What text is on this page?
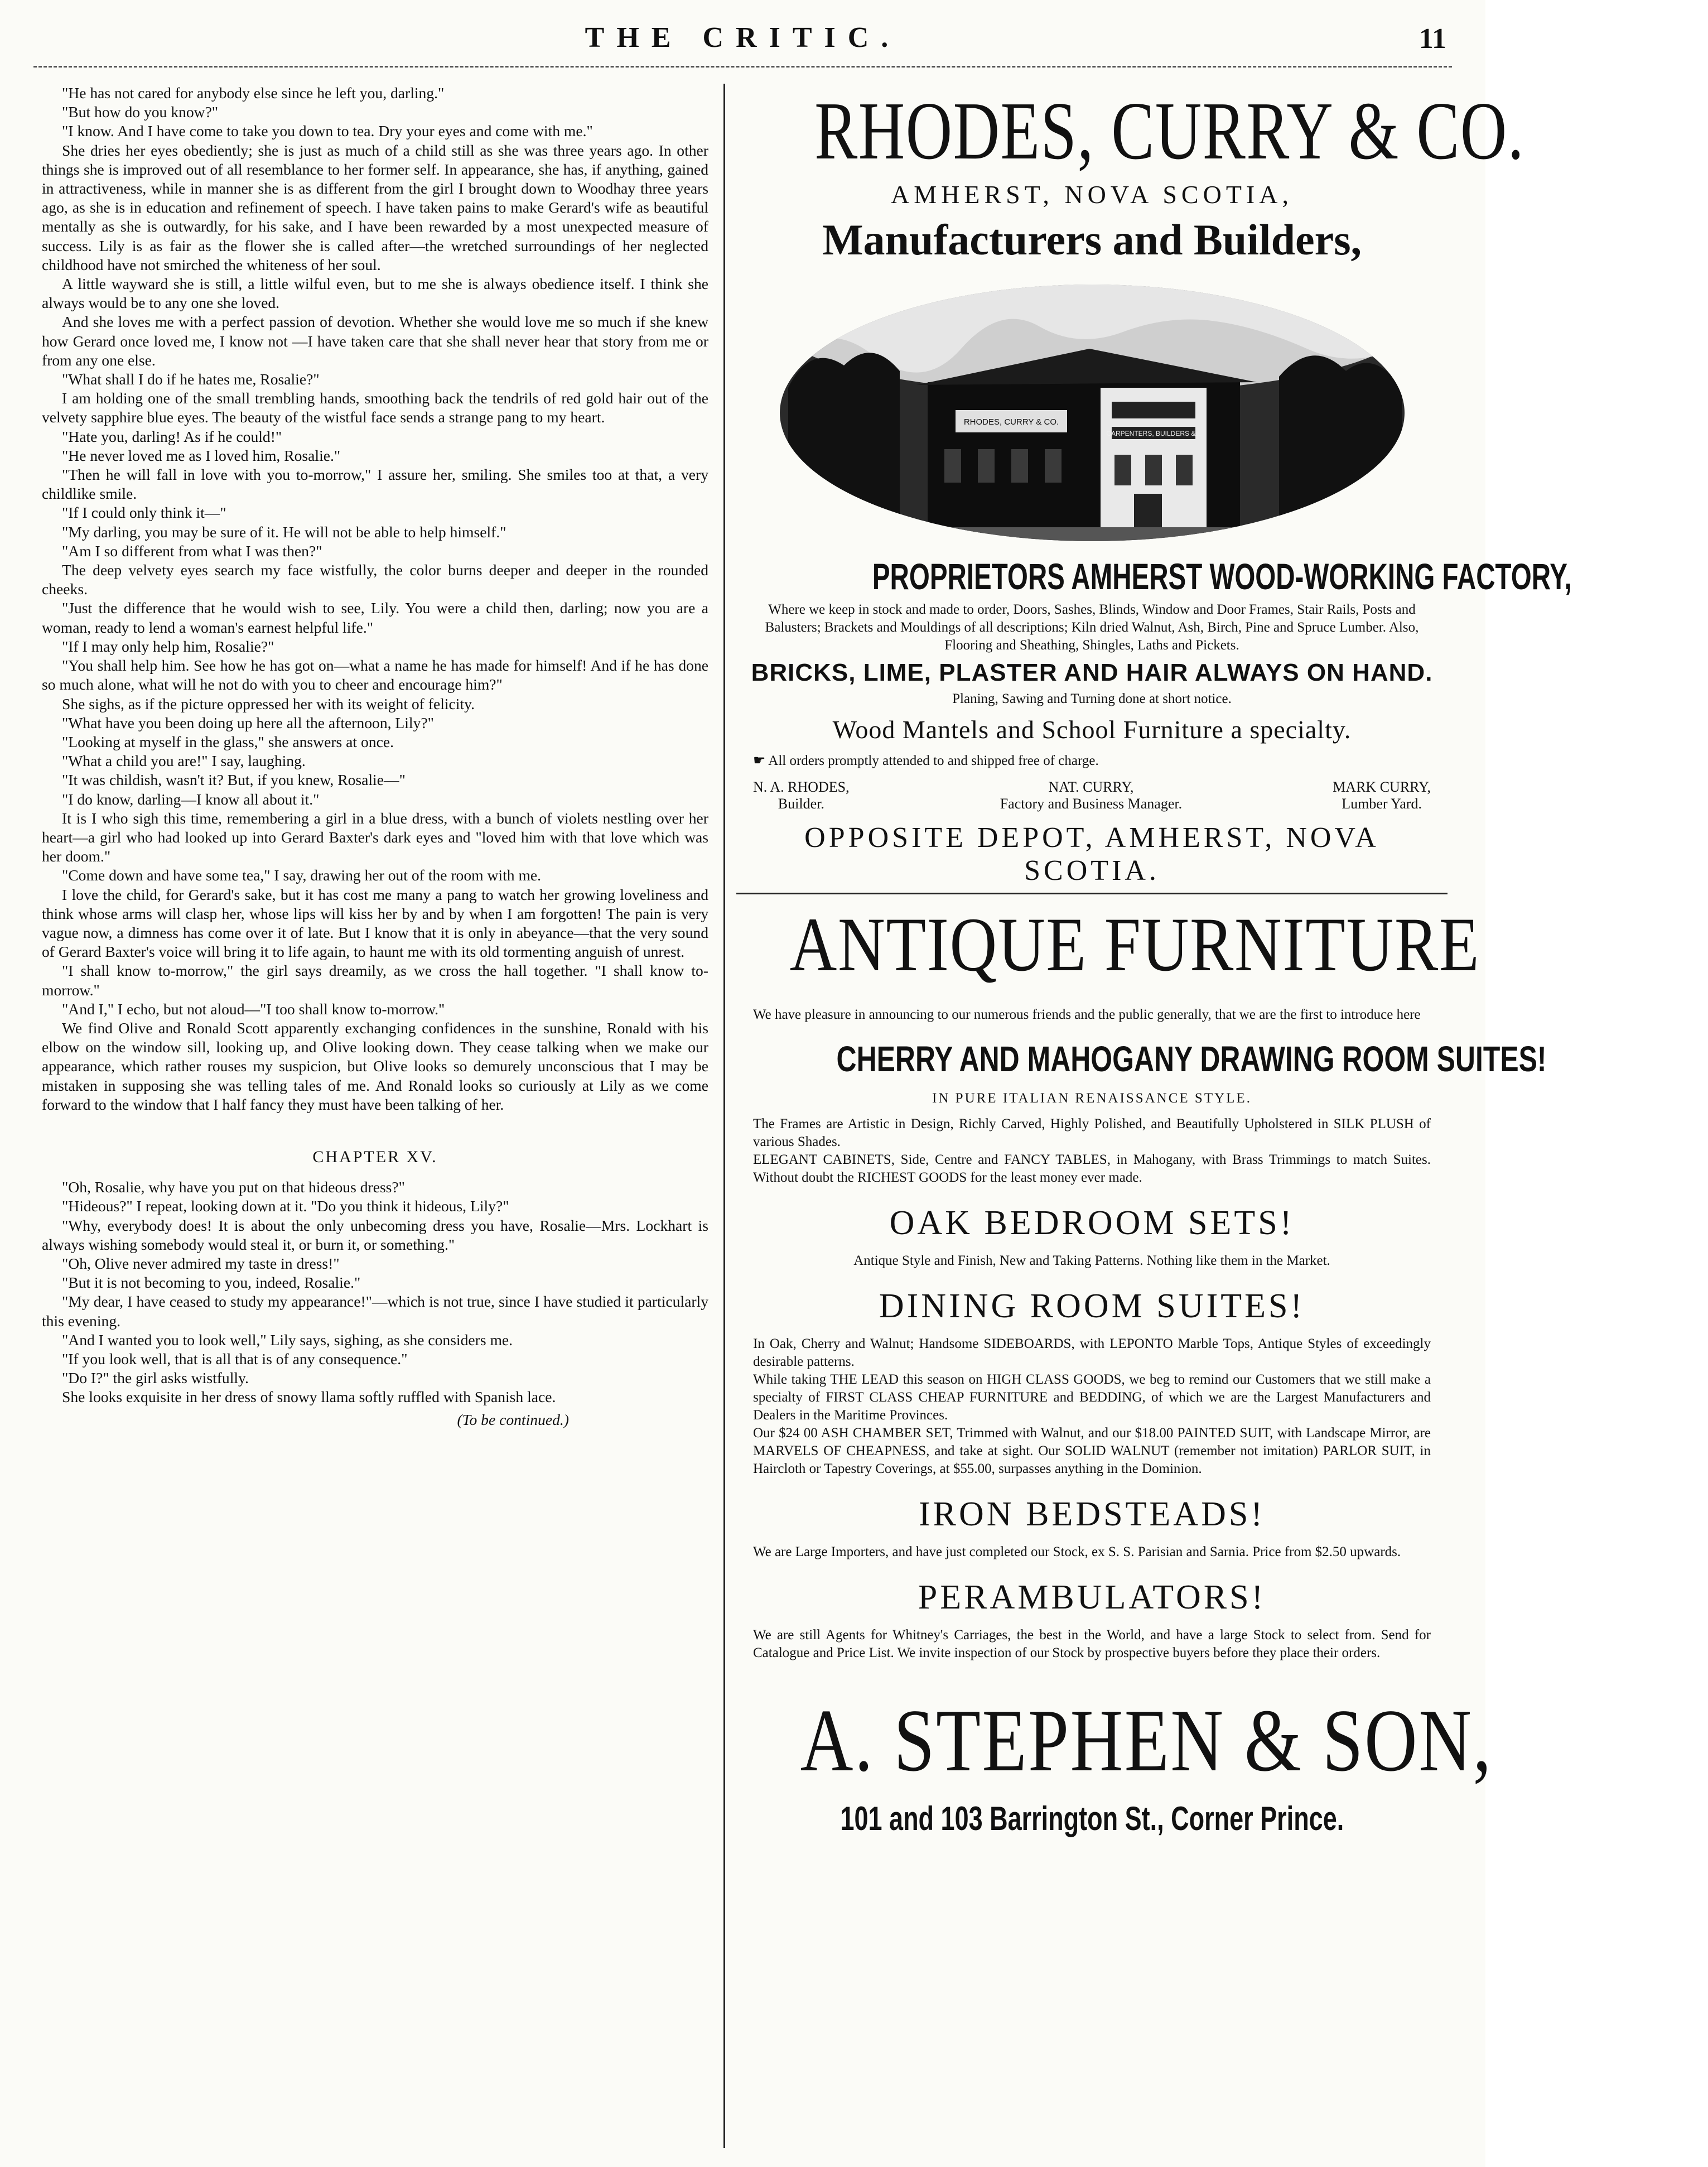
THE CRITIC.	11

"He has not cared for anybody else since he left you, darling."

"But how do you know?"

"I know. And I have come to take you down to tea. Dry your eyes and come with me."

She dries her eyes obediently; she is just as much of a child still as she was three years ago. In other things she is improved out of all resemblance to her former self. In appearance, she has, if anything, gained in attractiveness, while in manner she is as different from the girl I brought down to Woodhay three years ago, as she is in education and refinement of speech. I have taken pains to make Gerard's wife as beautiful mentally as she is outwardly, for his sake, and I have been rewarded by a most unexpected measure of success. Lily is as fair as the flower she is called after—the wretched surroundings of her neglected childhood have not smirched the whiteness of her soul.

A little wayward she is still, a little wilful even, but to me she is always obedience itself. I think she always would be to any one she loved.

And she loves me with a perfect passion of devotion. Whether she would love me so much if she knew how Gerard once loved me, I know not —I have taken care that she shall never hear that story from me or from any one else.

"What shall I do if he hates me, Rosalie?"

I am holding one of the small trembling hands, smoothing back the tendrils of red gold hair out of the velvety sapphire blue eyes. The beauty of the wistful face sends a strange pang to my heart.

"Hate you, darling! As if he could!"

"He never loved me as I loved him, Rosalie."

"Then he will fall in love with you to-morrow," I assure her, smiling. She smiles too at that, a very childlike smile.

"If I could only think it—"

"My darling, you may be sure of it. He will not be able to help himself."

"Am I so different from what I was then?"

The deep velvety eyes search my face wistfully, the color burns deeper and deeper in the rounded cheeks.

"Just the difference that he would wish to see, Lily. You were a child then, darling; now you are a woman, ready to lend a woman's earnest helpful life."

"If I may only help him, Rosalie?"

"You shall help him. See how he has got on—what a name he has made for himself! And if he has done so much alone, what will he not do with you to cheer and encourage him?"

She sighs, as if the picture oppressed her with its weight of felicity.

"What have you been doing up here all the afternoon, Lily?"

"Looking at myself in the glass," she answers at once.

"What a child you are!" I say, laughing.

"It was childish, wasn't it? But, if you knew, Rosalie—"

"I do know, darling—I know all about it."

It is I who sigh this time, remembering a girl in a blue dress, with a bunch of violets nestling over her heart—a girl who had looked up into Gerard Baxter's dark eyes and "loved him with that love which was her doom."

"Come down and have some tea," I say, drawing her out of the room with me.

I love the child, for Gerard's sake, but it has cost me many a pang to watch her growing loveliness and think whose arms will clasp her, whose lips will kiss her by and by when I am forgotten! The pain is very vague now, a dimness has come over it of late. But I know that it is only in abeyance—that the very sound of Gerard Baxter's voice will bring it to life again, to haunt me with its old tormenting anguish of unrest.

"I shall know to-morrow," the girl says dreamily, as we cross the hall together. "I shall know to-morrow."

"And I," I echo, but not aloud—"I too shall know to-morrow."

We find Olive and Ronald Scott apparently exchanging confidences in the sunshine, Ronald with his elbow on the window sill, looking up, and Olive looking down. They cease talking when we make our appearance, which rather rouses my suspicion, but Olive looks so demurely unconscious that I may be mistaken in supposing she was telling tales of me. And Ronald looks so curiously at Lily as we come forward to the window that I half fancy they must have been talking of her.

CHAPTER XV.

"Oh, Rosalie, why have you put on that hideous dress?"

"Hideous?" I repeat, looking down at it. "Do you think it hideous, Lily?"

"Why, everybody does! It is about the only unbecoming dress you have, Rosalie—Mrs. Lockhart is always wishing somebody would steal it, or burn it, or something."

"Oh, Olive never admired my taste in dress!"

"But it is not becoming to you, indeed, Rosalie."

"My dear, I have ceased to study my appearance!"—which is not true, since I have studied it particularly this evening.

"And I wanted you to look well," Lily says, sighing, as she considers me.

"If you look well, that is all that is of any consequence."

"Do I?" the girl asks wistfully.

She looks exquisite in her dress of snowy llama softly ruffled with Spanish lace.

(To be continued.)
RHODES, CURRY & CO.
AMHERST, NOVA SCOTIA,
Manufacturers and Builders,
RHODES, CURRY & CO.
CARPENTERS, BUILDERS &c.
PROPRIETORS AMHERST WOOD-WORKING FACTORY,

Where we keep in stock and made to order, Doors, Sashes, Blinds, Window and Door Frames, Stair Rails, Posts and Balusters; Brackets and Mouldings of all descriptions; Kiln dried Walnut, Ash, Birch, Pine and Spruce Lumber. Also, Flooring and Sheathing, Shingles, Laths and Pickets.

BRICKS, LIME, PLASTER AND HAIR ALWAYS ON HAND.
Planing, Sawing and Turning done at short notice.
Wood Mantels and School Furniture a specialty.
☛ All orders promptly attended to and shipped free of charge.
N. A. RHODES,
Builder.
NAT. CURRY,
Factory and Business Manager.
MARK CURRY,
Lumber Yard.
OPPOSITE DEPOT, AMHERST, NOVA SCOTIA.
ANTIQUE FURNITURE

We have pleasure in announcing to our numerous friends and the public generally, that we are the first to introduce here

CHERRY AND MAHOGANY DRAWING ROOM SUITES!
IN PURE ITALIAN RENAISSANCE STYLE.

The Frames are Artistic in Design, Richly Carved, Highly Polished, and Beautifully Upholstered in SILK PLUSH of various Shades.

ELEGANT CABINETS, Side, Centre and FANCY TABLES, in Mahogany, with Brass Trimmings to match Suites. Without doubt the RICHEST GOODS for the least money ever made.

OAK BEDROOM SETS!

Antique Style and Finish, New and Taking Patterns. Nothing like them in the Market.

DINING ROOM SUITES!

In Oak, Cherry and Walnut; Handsome SIDEBOARDS, with LEPONTO Marble Tops, Antique Styles of exceedingly desirable patterns.

While taking THE LEAD this season on HIGH CLASS GOODS, we beg to remind our Customers that we still make a specialty of FIRST CLASS CHEAP FURNITURE and BEDDING, of which we are the Largest Manufacturers and Dealers in the Maritime Provinces.

Our $24 00 ASH CHAMBER SET, Trimmed with Walnut, and our $18.00 PAINTED SUIT, with Landscape Mirror, are MARVELS OF CHEAPNESS, and take at sight. Our SOLID WALNUT (remember not imitation) PARLOR SUIT, in Haircloth or Tapestry Coverings, at $55.00, surpasses anything in the Dominion.

IRON BEDSTEADS!

We are Large Importers, and have just completed our Stock, ex S. S. Parisian and Sarnia. Price from $2.50 upwards.

PERAMBULATORS!

We are still Agents for Whitney's Carriages, the best in the World, and have a large Stock to select from. Send for Catalogue and Price List. We invite inspection of our Stock by prospective buyers before they place their orders.

A. STEPHEN & SON,
101 and 103 Barrington St., Corner Prince.
